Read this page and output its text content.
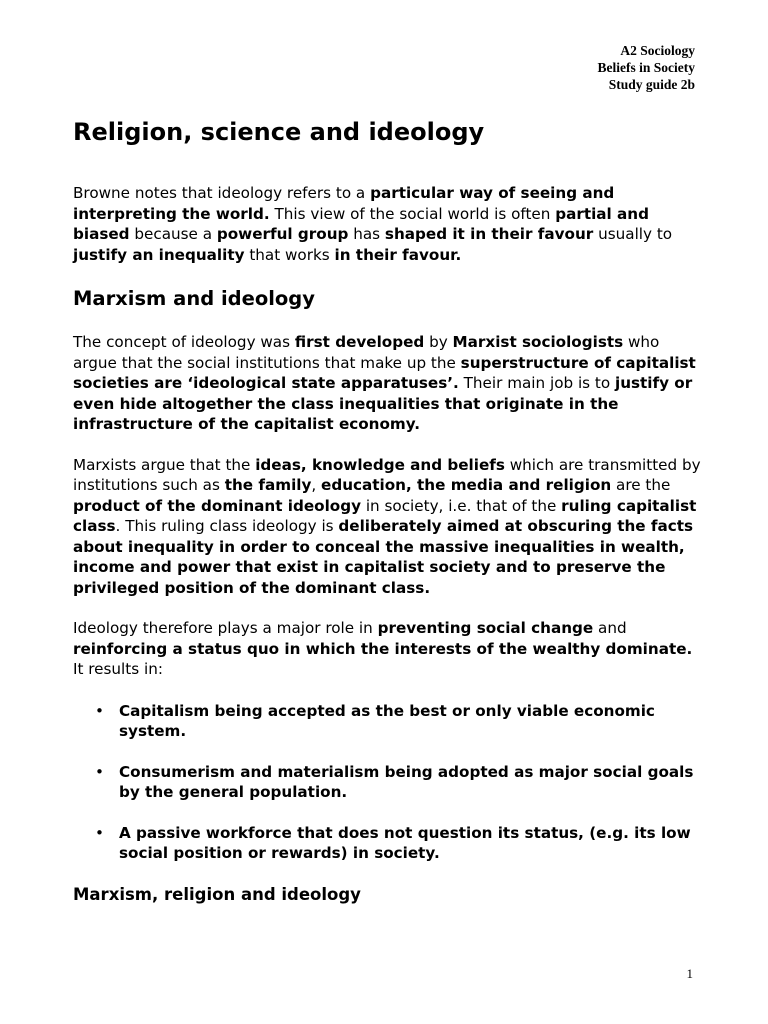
A2 Sociology
Beliefs in Society
Study guide 2b
Religion, science and ideology

Browne notes that ideology refers to a particular way of seeing and interpreting the world. This view of the social world is often partial and biased because a powerful group has shaped it in their favour usually to justify an inequality that works in their favour.

Marxism and ideology

The concept of ideology was first developed by Marxist sociologists who argue that the social institutions that make up the superstructure of capitalist societies are ‘ideological state apparatuses’. Their main job is to justify or even hide altogether the class inequalities that originate in the infrastructure of the capitalist economy.

Marxists argue that the ideas, knowledge and beliefs which are transmitted by institutions such as the family, education, the media and religion are the product of the dominant ideology in society, i.e. that of the ruling capitalist class. This ruling class ideology is deliberately aimed at obscuring the facts about inequality in order to conceal the massive inequalities in wealth, income and power that exist in capitalist society and to preserve the privileged position of the dominant class.

Ideology therefore plays a major role in preventing social change and reinforcing a status quo in which the interests of the wealthy dominate. It results in:

• Capitalism being accepted as the best or only viable economic system.
• Consumerism and materialism being adopted as major social goals by the general population.
• A passive workforce that does not question its status, (e.g. its low social position or rewards) in society.
Marxism, religion and ideology
1
